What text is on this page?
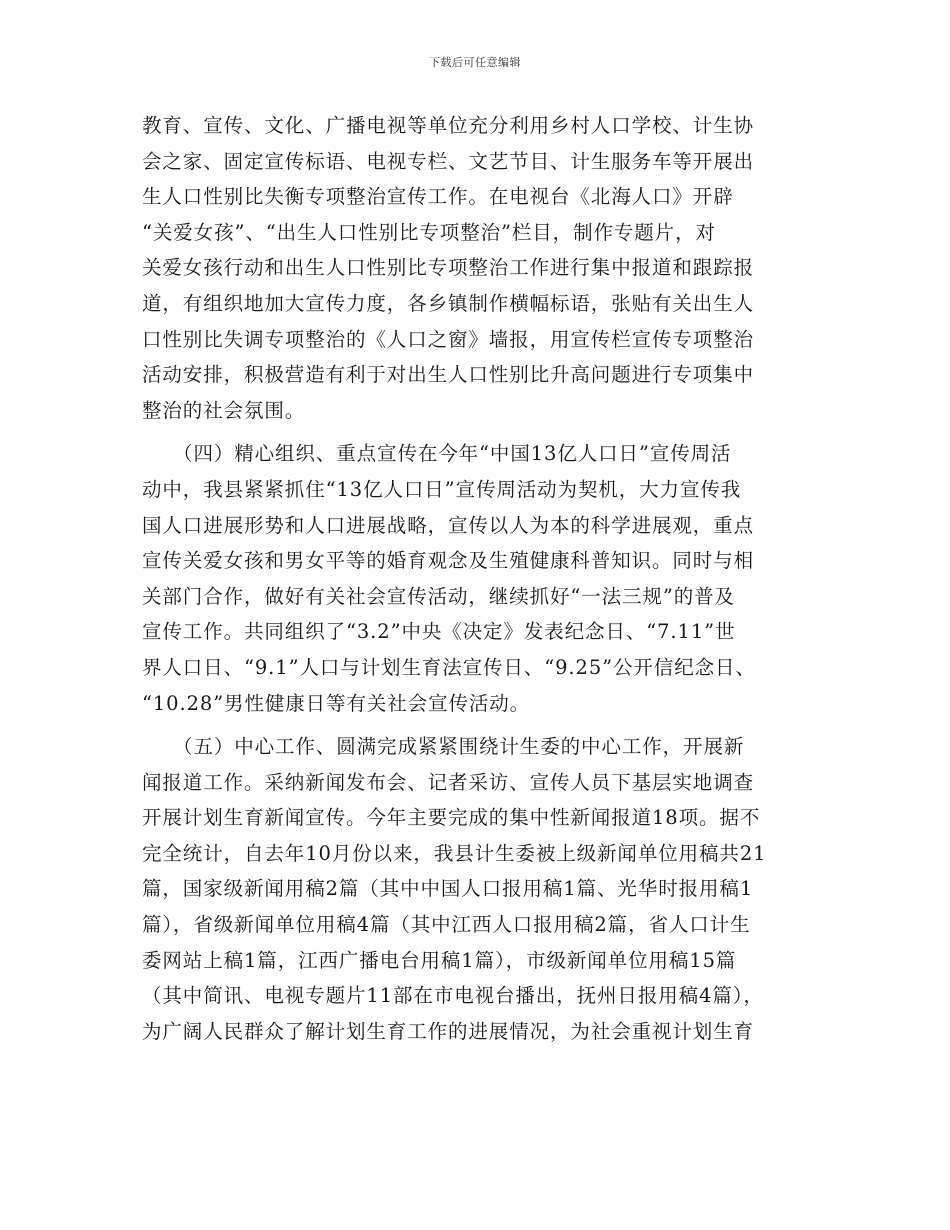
下载后可任意编辑
教育、宣传、文化、广播电视等单位充分利用乡村人口学校、计生协
会之家、固定宣传标语、电视专栏、文艺节目、计生服务车等开展出
生人口性别比失衡专项整治宣传工作。在电视台《北海人口》开辟
“关爱女孩”、“出生人口性别比专项整治”栏目，制作专题片，对
关爱女孩行动和出生人口性别比专项整治工作进行集中报道和跟踪报
道，有组织地加大宣传力度，各乡镇制作横幅标语，张贴有关出生人
口性别比失调专项整治的《人口之窗》墙报，用宣传栏宣传专项整治
活动安排，积极营造有利于对出生人口性别比升高问题进行专项集中
整治的社会氛围。
　　（四）精心组织、重点宣传在今年“中国13亿人口日”宣传周活
动中，我县紧紧抓住“13亿人口日”宣传周活动为契机，大力宣传我
国人口进展形势和人口进展战略，宣传以人为本的科学进展观，重点
宣传关爱女孩和男女平等的婚育观念及生殖健康科普知识。同时与相
关部门合作，做好有关社会宣传活动，继续抓好“一法三规”的普及
宣传工作。共同组织了“3.2”中央《决定》发表纪念日、“7.11”世
界人口日、“9.1”人口与计划生育法宣传日、“9.25”公开信纪念日、
“10.28”男性健康日等有关社会宣传活动。
　　（五）中心工作、圆满完成紧紧围绕计生委的中心工作，开展新
闻报道工作。采纳新闻发布会、记者采访、宣传人员下基层实地调查
开展计划生育新闻宣传。今年主要完成的集中性新闻报道18项。据不
完全统计，自去年10月份以来，我县计生委被上级新闻单位用稿共21
篇，国家级新闻用稿2篇（其中中国人口报用稿1篇、光华时报用稿1
篇），省级新闻单位用稿4篇（其中江西人口报用稿2篇，省人口计生
委网站上稿1篇，江西广播电台用稿1篇），市级新闻单位用稿15篇
（其中简讯、电视专题片11部在市电视台播出，抚州日报用稿4篇），
为广阔人民群众了解计划生育工作的进展情况，为社会重视计划生育
